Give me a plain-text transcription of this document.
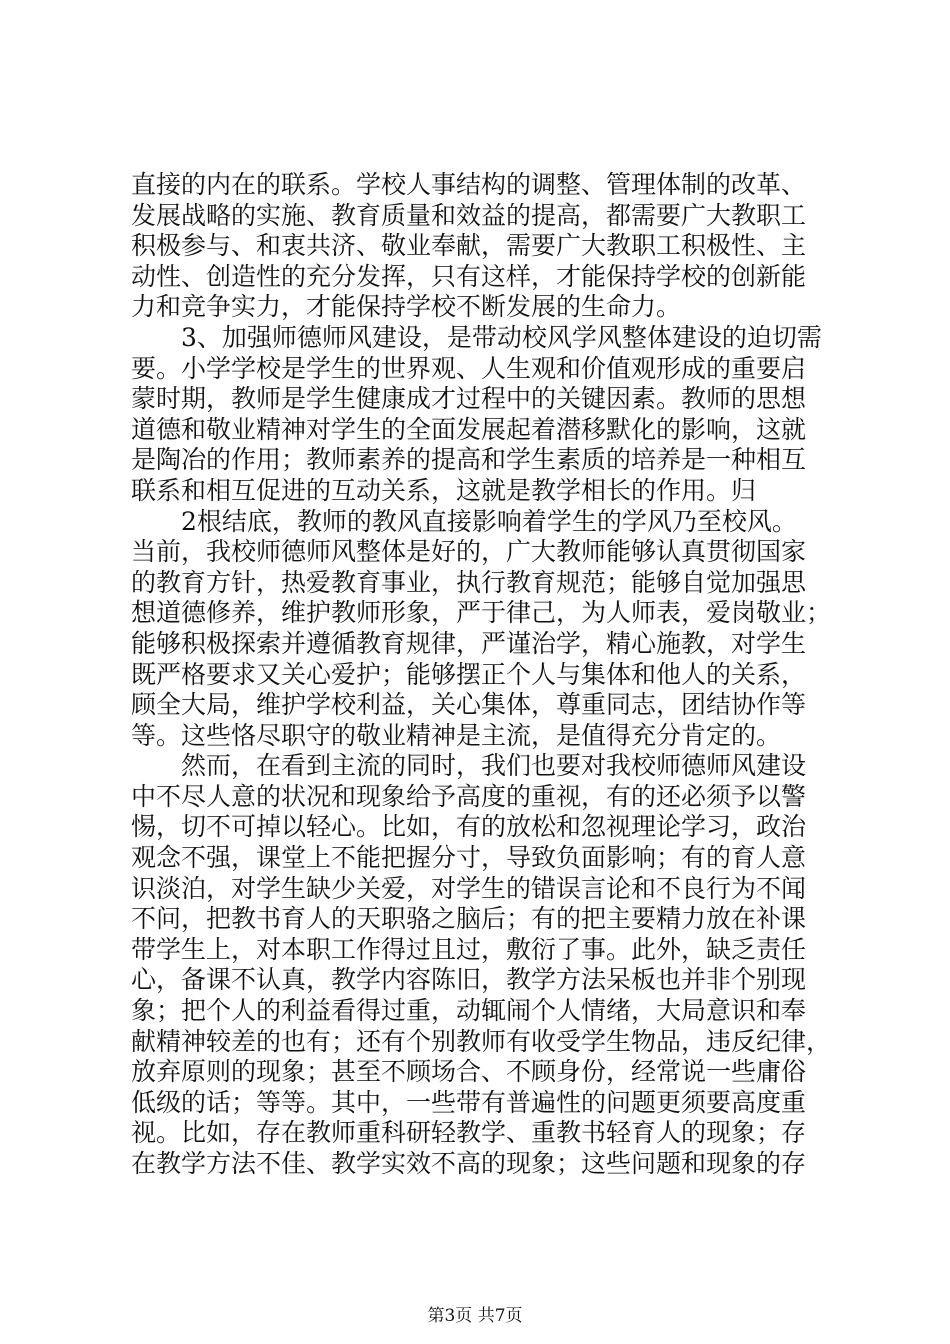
直接的内在的联系。学校人事结构的调整、管理体制的改革、
发展战略的实施、教育质量和效益的提高，都需要广大教职工
积极参与、和衷共济、敬业奉献，需要广大教职工积极性、主
动性、创造性的充分发挥，只有这样，才能保持学校的创新能
力和竞争实力，才能保持学校不断发展的生命力。
　　3、加强师德师风建设，是带动校风学风整体建设的迫切需
要。小学学校是学生的世界观、人生观和价值观形成的重要启
蒙时期，教师是学生健康成才过程中的关键因素。教师的思想
道德和敬业精神对学生的全面发展起着潜移默化的影响，这就
是陶冶的作用；教师素养的提高和学生素质的培养是一种相互
联系和相互促进的互动关系，这就是教学相长的作用。归
　　2根结底，教师的教风直接影响着学生的学风乃至校风。
当前，我校师德师风整体是好的，广大教师能够认真贯彻国家
的教育方针，热爱教育事业，执行教育规范；能够自觉加强思
想道德修养，维护教师形象，严于律己，为人师表，爱岗敬业；
能够积极探索并遵循教育规律，严谨治学，精心施教，对学生
既严格要求又关心爱护；能够摆正个人与集体和他人的关系，
顾全大局，维护学校利益，关心集体，尊重同志，团结协作等
等。这些恪尽职守的敬业精神是主流，是值得充分肯定的。
　　然而，在看到主流的同时，我们也要对我校师德师风建设
中不尽人意的状况和现象给予高度的重视，有的还必须予以警
惕，切不可掉以轻心。比如，有的放松和忽视理论学习，政治
观念不强，课堂上不能把握分寸，导致负面影响；有的育人意
识淡泊，对学生缺少关爱，对学生的错误言论和不良行为不闻
不问，把教书育人的天职骆之脑后；有的把主要精力放在补课
带学生上，对本职工作得过且过，敷衍了事。此外，缺乏责任
心，备课不认真，教学内容陈旧，教学方法呆板也并非个别现
象；把个人的利益看得过重，动辄闹个人情绪，大局意识和奉
献精神较差的也有；还有个别教师有收受学生物品，违反纪律，
放弃原则的现象；甚至不顾场合、不顾身份，经常说一些庸俗
低级的话；等等。其中，一些带有普遍性的问题更须要高度重
视。比如，存在教师重科研轻教学、重教书轻育人的现象；存
在教学方法不佳、教学实效不高的现象；这些问题和现象的存
第3页 共7页
